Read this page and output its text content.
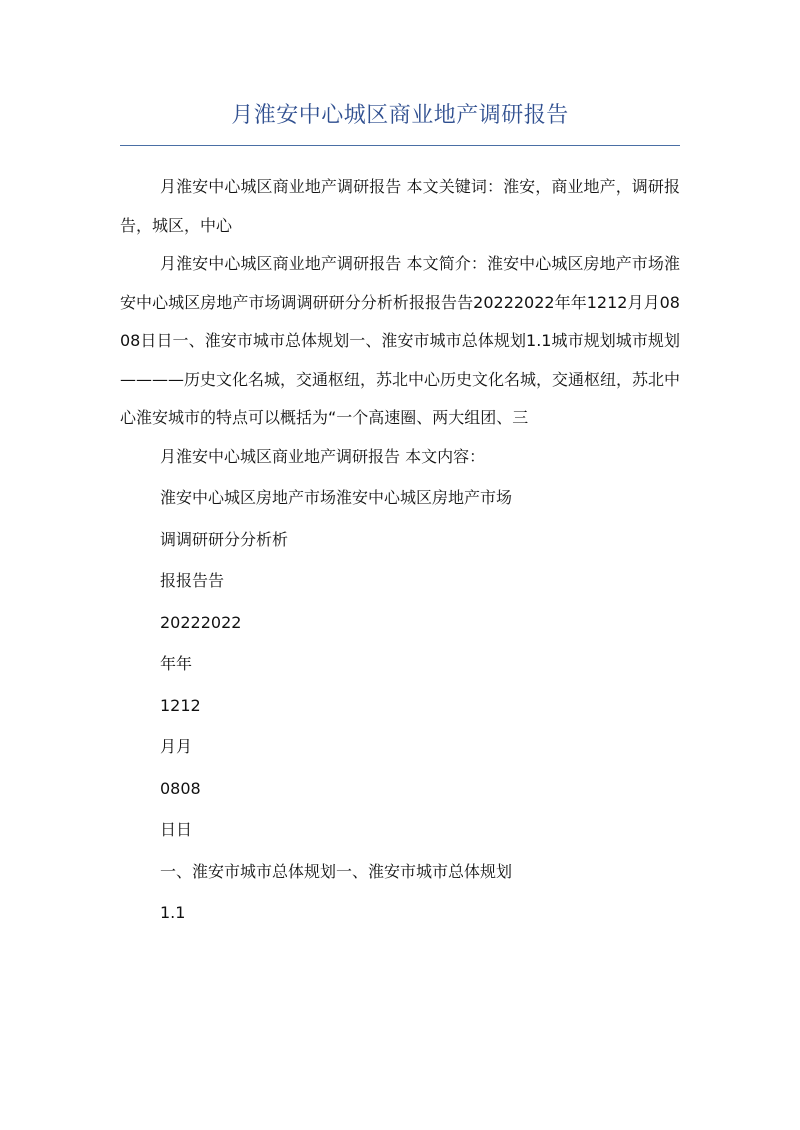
月淮安中心城区商业地产调研报告

月淮安中心城区商业地产调研报告 本文关键词：淮安，商业地产，调研报告，城区，中心

月淮安中心城区商业地产调研报告 本文简介：淮安中心城区房地产市场淮安中心城区房地产市场调调研研分分析析报报告告20222022年年1212月月0808日日一、淮安市城市总体规划一、淮安市城市总体规划1.1城市规划城市规划————历史文化名城，交通枢纽，苏北中心历史文化名城，交通枢纽，苏北中心淮安城市的特点可以概括为“一个高速圈、两大组团、三

月淮安中心城区商业地产调研报告 本文内容：

淮安中心城区房地产市场淮安中心城区房地产市场

调调研研分分析析

报报告告

20222022

年年

1212

月月

0808

日日

一、淮安市城市总体规划一、淮安市城市总体规划

1.1
